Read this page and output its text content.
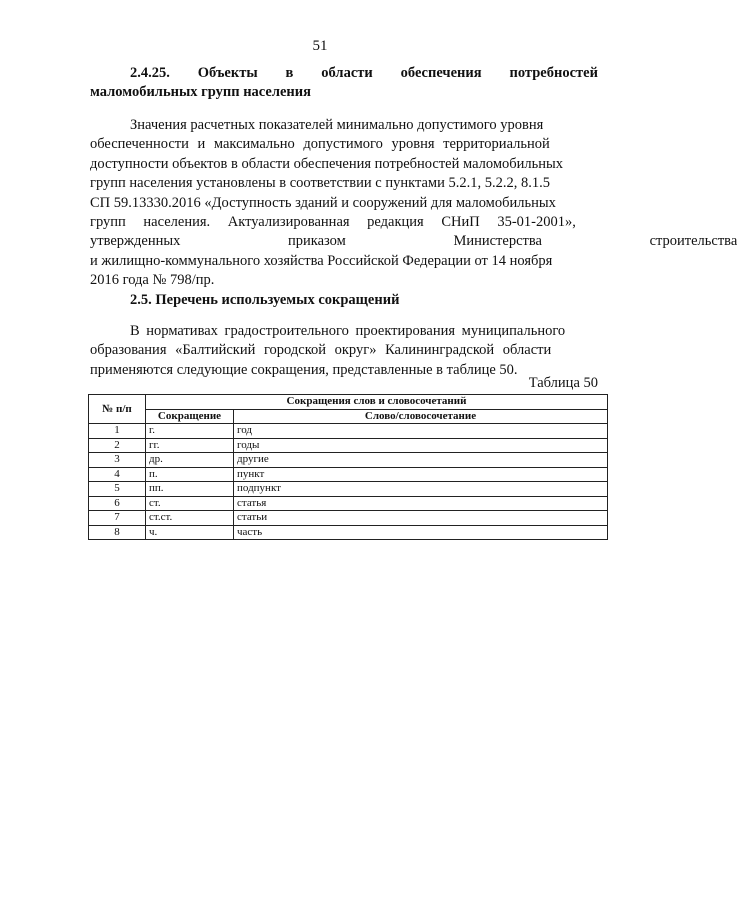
51
2.4.25. Объекты в области обеспечения потребностей
маломобильных групп населения
Значения расчетных показателей минимально допустимого уровня
обеспеченности и максимально допустимого уровня территориальной
доступности объектов в области обеспечения потребностей маломобильных
групп населения установлены в соответствии с пунктами 5.2.1, 5.2.2, 8.1.5
СП 59.13330.2016 «Доступность зданий и сооружений для маломобильных
групп населения. Актуализированная редакция СНиП 35-01-2001»,
утвержденных приказом Министерства строительства
и жилищно-коммунального хозяйства Российской Федерации от 14 ноября
2016 года № 798/пр.
2.5. Перечень используемых сокращений
В нормативах градостроительного проектирования муниципального
образования «Балтийский городской округ» Калининградской области
применяются следующие сокращения, представленные в таблице 50.
Таблица 50
№ п/п	Сокращения слов и словосочетаний	
	Сокращение	Слово/словосочетание
1	г.	год
2	гг.	годы
3	др.	другие
4	п.	пункт
5	пп.	подпункт
6	ст.	статья
7	ст.ст.	статьи
8	ч.	часть
